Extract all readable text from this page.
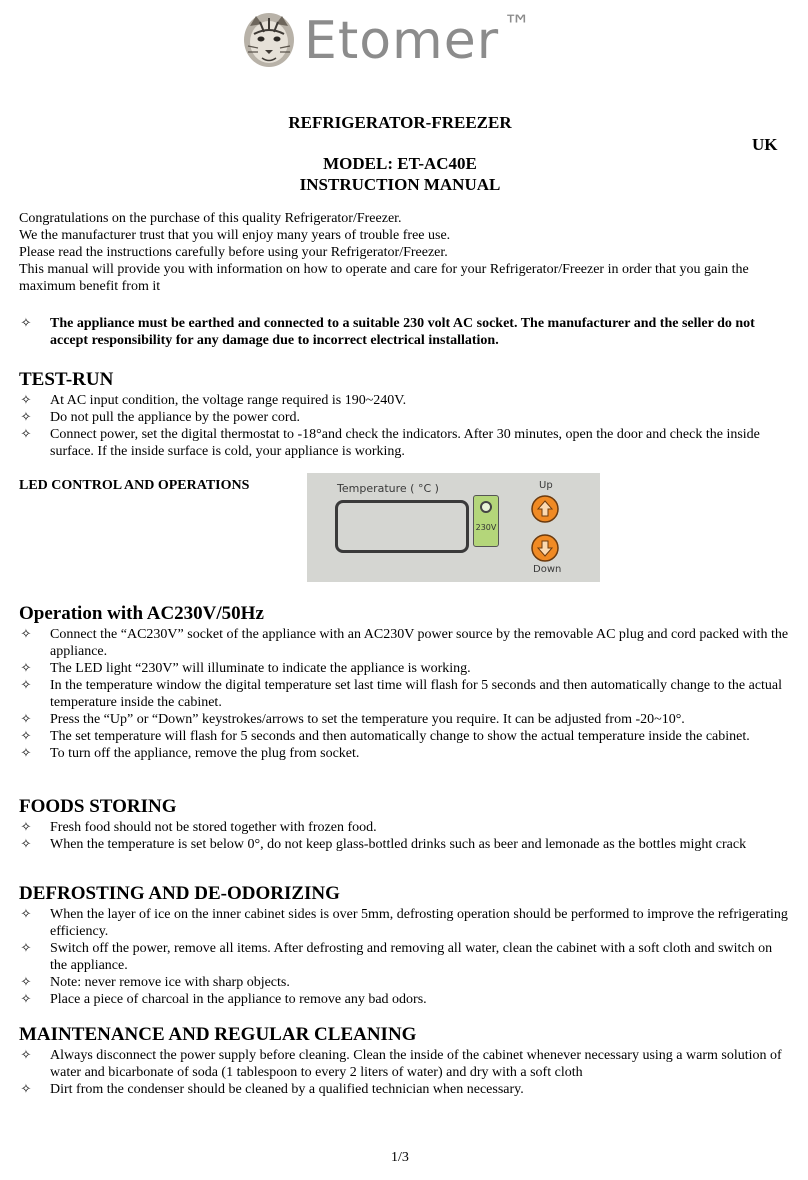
Etomer ™
REFRIGERATOR-FREEZER
UK
MODEL: ET-AC40E
INSTRUCTION MANUAL

Congratulations on the purchase of this quality Refrigerator/Freezer.

We the manufacturer trust that you will enjoy many years of trouble free use.

Please read the instructions carefully before using your Refrigerator/Freezer.

This manual will provide you with information on how to operate and care for your Refrigerator/Freezer in order that you gain the maximum benefit from it

✧ The appliance must be earthed and connected to a suitable 230 volt AC socket. The manufacturer and the seller do not accept responsibility for any damage due to incorrect electrical installation.
TEST-RUN
✧ At AC input condition, the voltage range required is 190~240V.
✧ Do not pull the appliance by the power cord.
✧ Connect power, set the digital thermostat to -18°and check the indicators. After 30 minutes, open the door and check the inside surface. If the inside surface is cold, your appliance is working.
LED CONTROL AND OPERATIONS	Temperature ( °C )
230V
Up
Down
Operation with AC230V/50Hz
✧ Connect the “AC230V” socket of the appliance with an AC230V power source by the removable AC plug and cord packed with the appliance.
✧ The LED light “230V” will illuminate to indicate the appliance is working.
✧ In the temperature window the digital temperature set last time will flash for 5 seconds and then automatically change to the actual temperature inside the cabinet.
✧ Press the “Up” or “Down” keystrokes/arrows to set the temperature you require. It can be adjusted from -20~10°.
✧ The set temperature will flash for 5 seconds and then automatically change to show the actual temperature inside the cabinet.
✧ To turn off the appliance, remove the plug from socket.
FOODS STORING
✧ Fresh food should not be stored together with frozen food.
✧ When the temperature is set below 0°, do not keep glass-bottled drinks such as beer and lemonade as the bottles might crack
DEFROSTING AND DE-ODORIZING
✧ When the layer of ice on the inner cabinet sides is over 5mm, defrosting operation should be performed to improve the refrigerating efficiency.
✧ Switch off the power, remove all items. After defrosting and removing all water, clean the cabinet with a soft cloth and switch on the appliance.
✧ Note: never remove ice with sharp objects.
✧ Place a piece of charcoal in the appliance to remove any bad odors.
MAINTENANCE AND REGULAR CLEANING
✧ Always disconnect the power supply before cleaning. Clean the inside of the cabinet whenever necessary using a warm solution of water and bicarbonate of soda (1 tablespoon to every 2 liters of water) and dry with a soft cloth
✧ Dirt from the condenser should be cleaned by a qualified technician when necessary.
1/3
